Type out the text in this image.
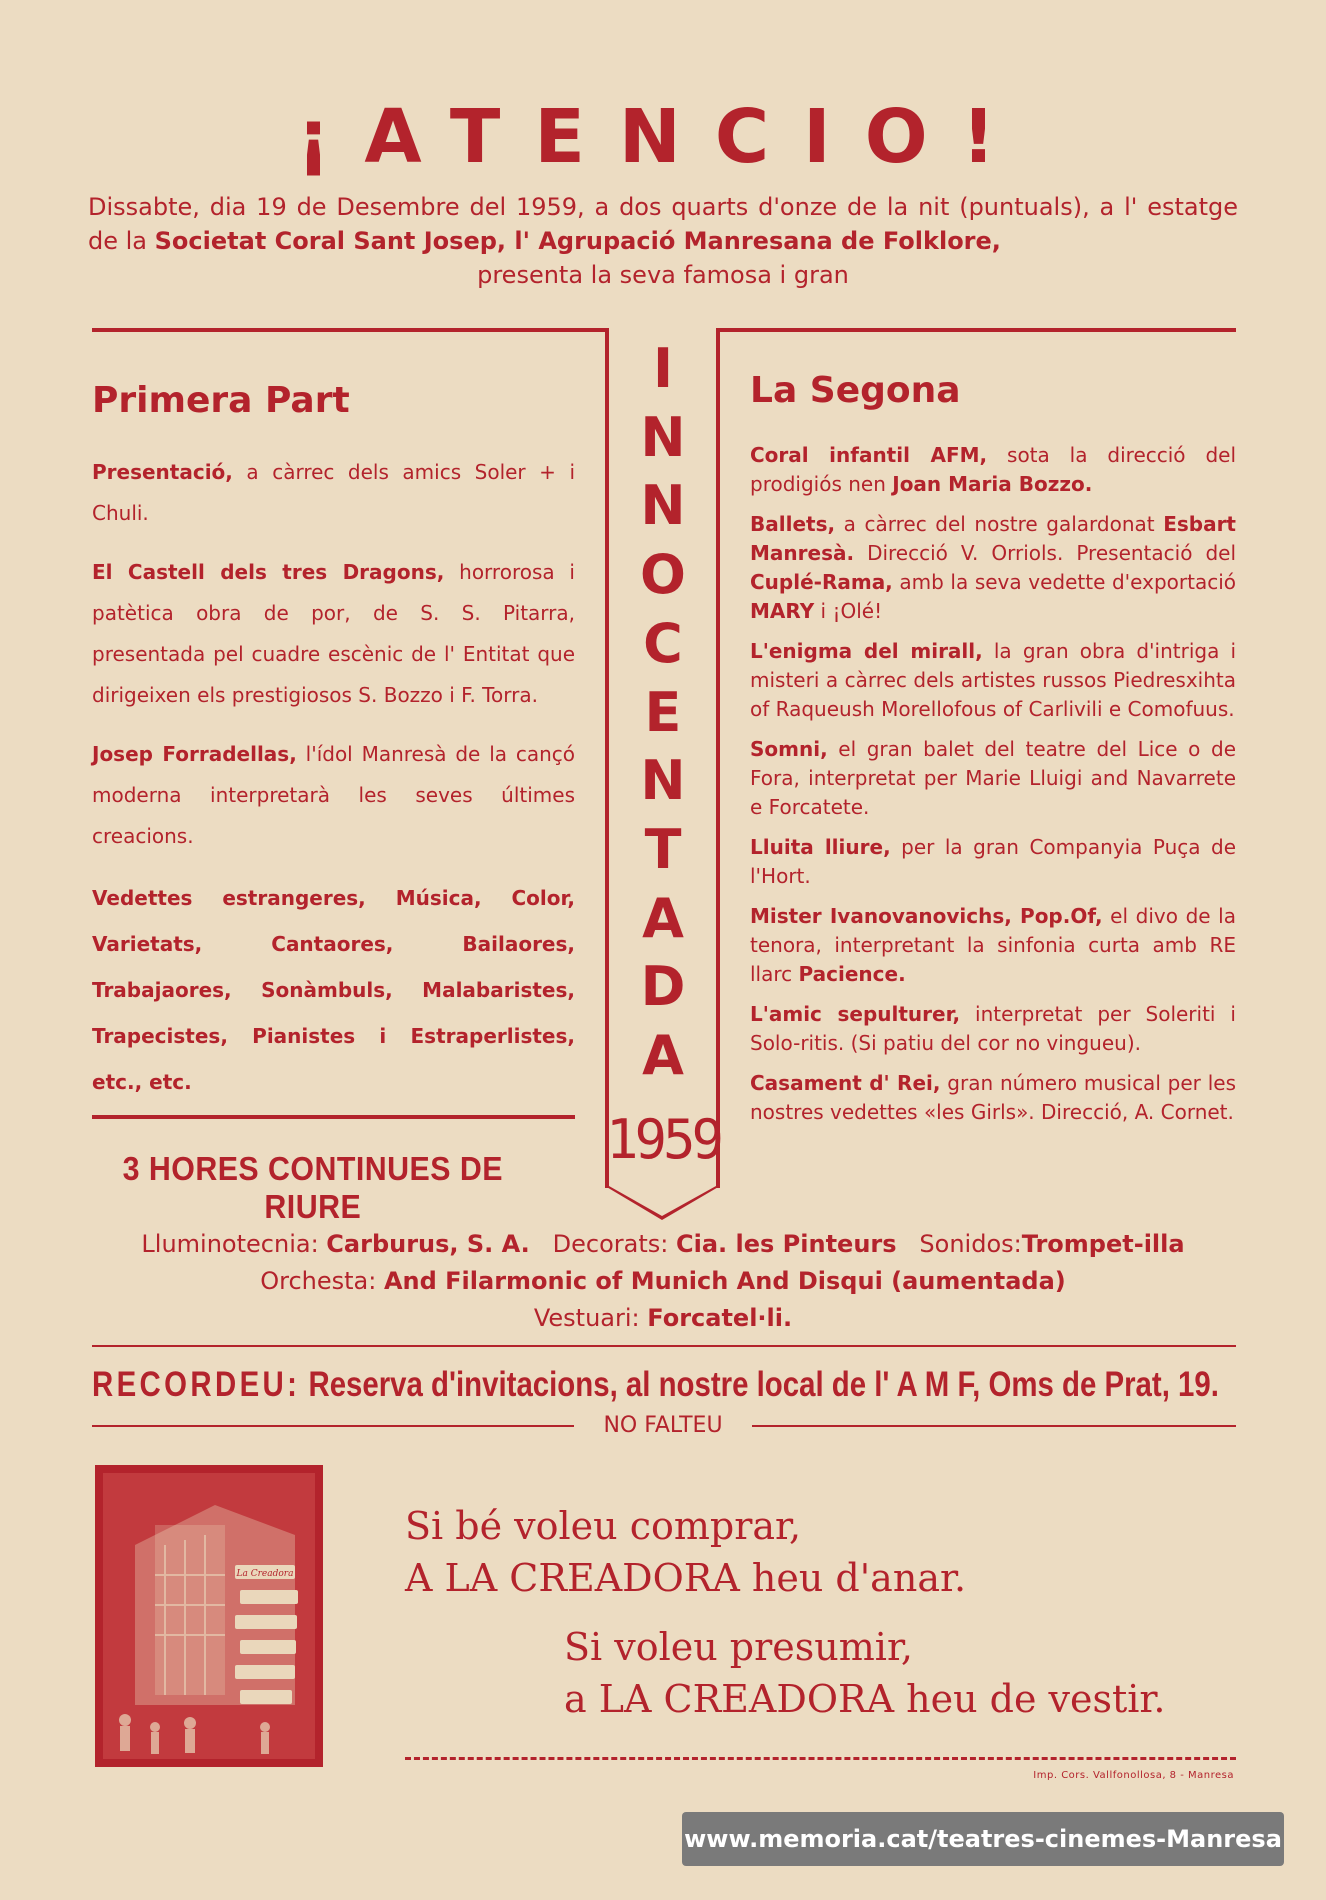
¡ATENCIO!
Dissabte, dia 19 de Desembre del 1959, a dos quarts d'onze de la nit (puntuals), a l' estatge de la Societat Coral Sant Josep, l' Agrupació Manresana de Folklore,
presenta la seva famosa i gran
I
N
N
O
C
E
N
T
A
D
A
1959
Primera Part

Presentació, a càrrec dels amics Soler + i Chuli.

El Castell dels tres Dragons, horrorosa i patètica obra de por, de S. S. Pitarra, presentada pel cuadre escènic de l' Entitat que dirigeixen els prestigiosos S. Bozzo i F. Torra.

Josep Forradellas, l'ídol Manresà de la cançó moderna interpretarà les seves últimes creacions.

Vedettes estrangeres, Música, Color, Varietats, Cantaores, Bailaores, Trabajaores, Sonàmbuls, Malabaristes, Trapecistes, Pianistes i Estraperlistes, etc., etc.

3 HORES CONTINUES DE RIURE
La Segona

Coral infantil AFM, sota la direcció del prodigiós nen Joan Maria Bozzo.

Ballets, a càrrec del nostre galardonat Esbart Manresà. Direcció V. Orriols. Presentació del Cuplé-Rama, amb la seva vedette d'exportació MARY i ¡Olé!

L'enigma del mirall, la gran obra d'intriga i misteri a càrrec dels artistes russos Piedresxihta of Raqueush Morellofous of Carlivili e Comofuus.

Somni, el gran balet del teatre del Lice o de Fora, interpretat per Marie Lluigi and Navarrete e Forcatete.

Lluita lliure, per la gran Companyia Puça de l'Hort.

Mister Ivanovanovichs, Pop.Of, el divo de la tenora, interpretant la sinfonia curta amb RE llarc Pacience.

L'amic sepulturer, interpretat per Soleriti i Solo-ritis. (Si patiu del cor no vingueu).

Casament d' Rei, gran número musical per les nostres vedettes «les Girls». Direcció, A. Cornet.

Lluminotecnia: Carburus, S. A. Decorats: Cia. les Pinteurs Sonidos:Trompet-illa
Orchesta: And Filarmonic of Munich And Disqui (aumentada)
Vestuari: Forcatel·li.
RECORDEU: Reserva d'invitacions, al nostre local de l' A M F, Oms de Prat, 19.
NO FALTEU
La Creadora
Si bé voleu comprar,
A LA CREADORA heu d'anar.
Si voleu presumir,
a LA CREADORA heu de vestir.
Imp. Cors. Vallfonollosa, 8 - Manresa
www.memoria.cat/teatres-cinemes-Manresa
